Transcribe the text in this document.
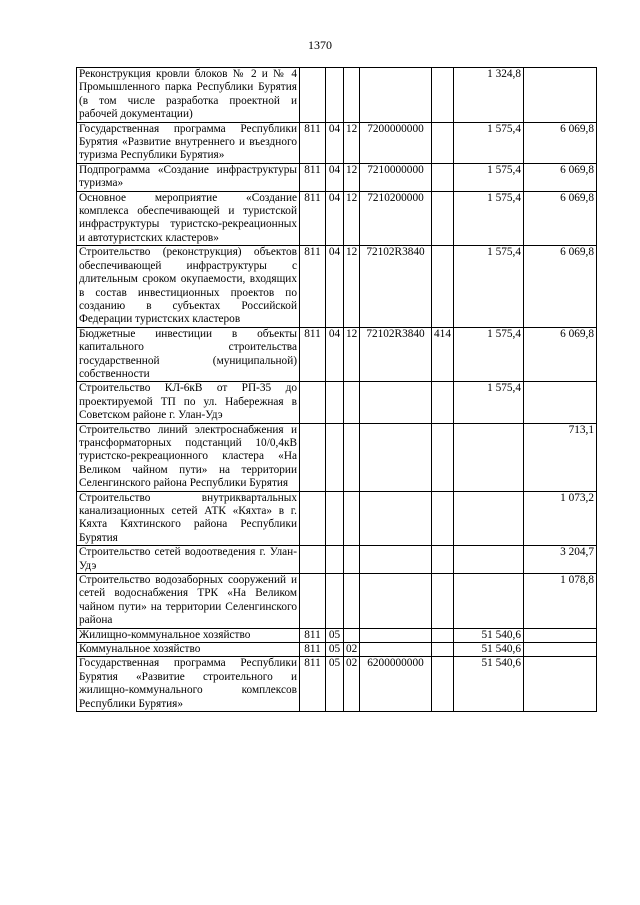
1370
Реконструкция кровли блоков № 2 и № 4 Промышленного парка Республики Бурятия (в том числе разработка проектной и рабочей документации)						1 324,8	
Государственная программа Республики Бурятия «Развитие внутреннего и въездного туризма Республики Бурятия»	811	04	12	7200000000		1 575,4	6 069,8
Подпрограмма «Создание инфраструктуры туризма»	811	04	12	7210000000		1 575,4	6 069,8
Основное мероприятие «Создание комплекса обеспечивающей и туристской инфраструктуры туристско-рекреационных и автотуристских кластеров»	811	04	12	7210200000		1 575,4	6 069,8
Строительство (реконструкция) объектов обеспечивающей инфраструктуры с длительным сроком окупаемости, входящих в состав инвестиционных проектов по созданию в субъектах Российской Федерации туристских кластеров	811	04	12	72102R3840		1 575,4	6 069,8
Бюджетные инвестиции в объекты капитального строительства государственной (муниципальной) собственности	811	04	12	72102R3840	414	1 575,4	6 069,8
Строительство КЛ-6кВ от РП-35 до проектируемой ТП по ул. Набережная в Советском районе г. Улан-Удэ						1 575,4	
Строительство линий электроснабжения и трансформаторных подстанций 10/0,4кВ туристско-рекреационного кластера «На Великом чайном пути» на территории Селенгинского района Республики Бурятия							713,1
Строительство внутриквартальных канализационных сетей АТК «Кяхта» в г. Кяхта Кяхтинского района Республики Бурятия							1 073,2
Строительство сетей водоотведения г. Улан-Удэ							3 204,7
Строительство водозаборных сооружений и сетей водоснабжения ТРК «На Великом чайном пути» на территории Селенгинского района							1 078,8
Жилищно-коммунальное хозяйство	811	05				51 540,6	
Коммунальное хозяйство	811	05	02			51 540,6	
Государственная программа Республики Бурятия «Развитие строительного и жилищно-коммунального комплексов Республики Бурятия»	811	05	02	6200000000		51 540,6	
